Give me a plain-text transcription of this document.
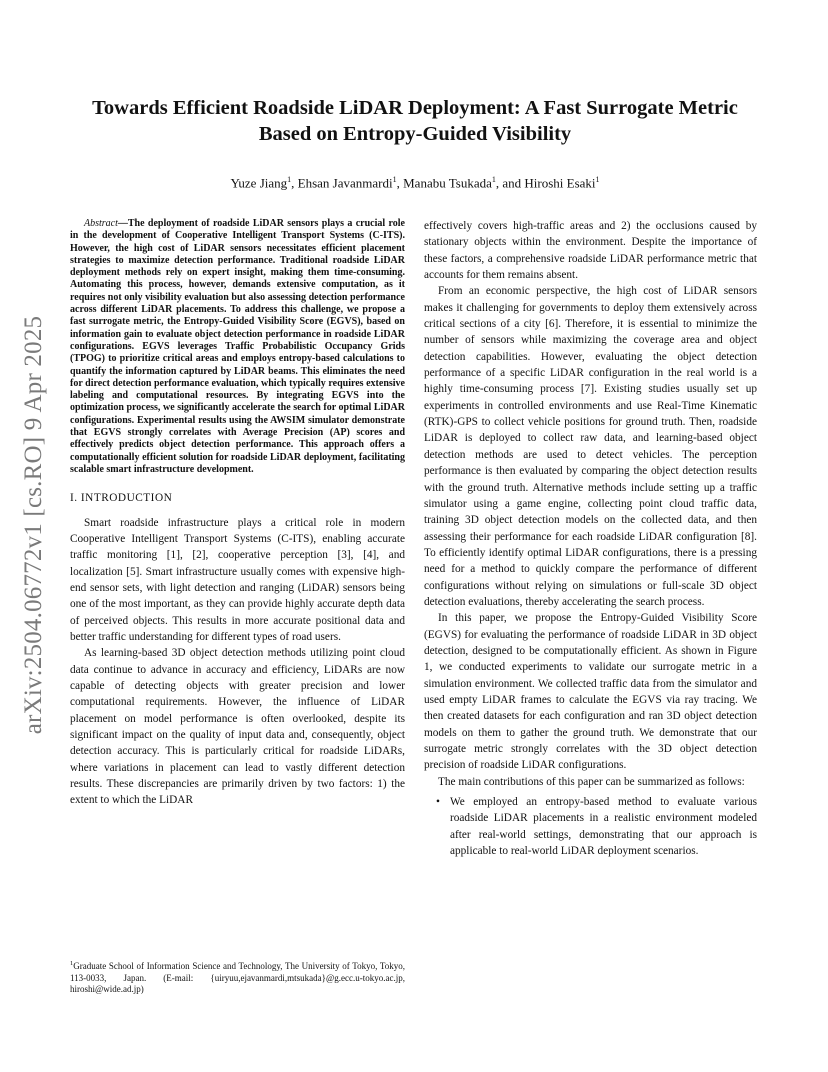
arXiv:2504.06772v1 [cs.RO] 9 Apr 2025
Towards Efficient Roadside LiDAR Deployment: A Fast Surrogate Metric Based on Entropy-Guided Visibility
Yuze Jiang$^1$, Ehsan Javanmardi$^1$, Manabu Tsukada$^1$, and Hiroshi Esaki$^1$

Abstract—The deployment of roadside LiDAR sensors plays a crucial role in the development of Cooperative Intelligent Transport Systems (C-ITS). However, the high cost of LiDAR sensors necessitates efficient placement strategies to maximize detection performance. Traditional roadside LiDAR deployment methods rely on expert insight, making them time-consuming. Automating this process, however, demands extensive computation, as it requires not only visibility evaluation but also assessing detection performance across different LiDAR placements. To address this challenge, we propose a fast surrogate metric, the Entropy-Guided Visibility Score (EGVS), based on information gain to evaluate object detection performance in roadside LiDAR configurations. EGVS leverages Traffic Probabilistic Occupancy Grids (TPOG) to prioritize critical areas and employs entropy-based calculations to quantify the information captured by LiDAR beams. This eliminates the need for direct detection performance evaluation, which typically requires extensive labeling and computational resources. By integrating EGVS into the optimization process, we significantly accelerate the search for optimal LiDAR configurations. Experimental results using the AWSIM simulator demonstrate that EGVS strongly correlates with Average Precision (AP) scores and effectively predicts object detection performance. This approach offers a computationally efficient solution for roadside LiDAR deployment, facilitating scalable smart infrastructure development.

I. INTRODUCTION

Smart roadside infrastructure plays a critical role in modern Cooperative Intelligent Transport Systems (C-ITS), enabling accurate traffic monitoring [1], [2], cooperative perception [3], [4], and localization [5]. Smart infrastructure usually comes with expensive high-end sensor sets, with light detection and ranging (LiDAR) sensors being one of the most important, as they can provide highly accurate depth data of perceived objects. This results in more accurate positional data and better traffic understanding for different types of road users.

As learning-based 3D object detection methods utilizing point cloud data continue to advance in accuracy and efficiency, LiDARs are now capable of detecting objects with greater precision and lower computational requirements. However, the influence of LiDAR placement on model performance is often overlooked, despite its significant impact on the quality of input data and, consequently, object detection accuracy. This is particularly critical for roadside LiDARs, where variations in placement can lead to vastly different detection results. These discrepancies are primarily driven by two factors: 1) the extent to which the LiDAR

effectively covers high-traffic areas and 2) the occlusions caused by stationary objects within the environment. Despite the importance of these factors, a comprehensive roadside LiDAR performance metric that accounts for them remains absent.

From an economic perspective, the high cost of LiDAR sensors makes it challenging for governments to deploy them extensively across critical sections of a city [6]. Therefore, it is essential to minimize the number of sensors while maximizing the coverage area and object detection capabilities. However, evaluating the object detection performance of a specific LiDAR configuration in the real world is a highly time-consuming process [7]. Existing studies usually set up experiments in controlled environments and use Real-Time Kinematic (RTK)-GPS to collect vehicle positions for ground truth. Then, roadside LiDAR is deployed to collect raw data, and learning-based object detection methods are used to detect vehicles. The perception performance is then evaluated by comparing the object detection results with the ground truth. Alternative methods include setting up a traffic simulator using a game engine, collecting point cloud traffic data, training 3D object detection models on the collected data, and then assessing their performance for each roadside LiDAR configuration [8]. To efficiently identify optimal LiDAR configurations, there is a pressing need for a method to quickly compare the performance of different configurations without relying on simulations or full-scale 3D object detection evaluations, thereby accelerating the search process.

In this paper, we propose the Entropy-Guided Visibility Score (EGVS) for evaluating the performance of roadside LiDAR in 3D object detection, designed to be computationally efficient. As shown in Figure 1, we conducted experiments to validate our surrogate metric in a simulation environment. We collected traffic data from the simulator and used empty LiDAR frames to calculate the EGVS via ray tracing. We then created datasets for each configuration and ran 3D object detection models on them to gather the ground truth. We demonstrate that our surrogate metric strongly correlates with the 3D object detection precision of roadside LiDAR configurations.

The main contributions of this paper can be summarized as follows:

• We employed an entropy-based method to evaluate various roadside LiDAR placements in a realistic environment modeled after real-world settings, demonstrating that our approach is applicable to real-world LiDAR deployment scenarios.
$^1$Graduate School of Information Science and Technology, The University of Tokyo, Tokyo, 113-0033, Japan. (E-mail: {uiryuu,ejavanmardi,mtsukada}@g.ecc.u-tokyo.ac.jp, hiroshi@wide.ad.jp)
